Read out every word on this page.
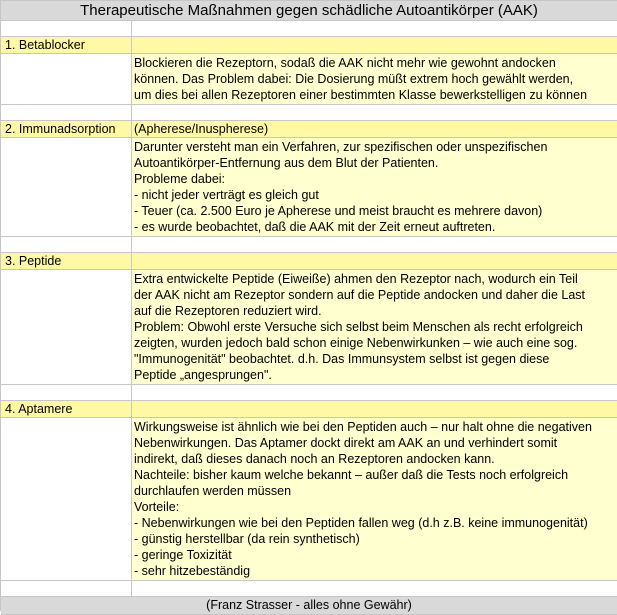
Therapeutische Maßnahmen gegen schädliche Autoantikörper (AAK)
1. Betablocker
Blockieren die Rezeptorn, sodaß die AAK nicht mehr wie gewohnt andocken
können. Das Problem dabei: Die Dosierung müßt extrem hoch gewählt werden,
um dies bei allen Rezeptoren einer bestimmten Klasse bewerkstelligen zu können
2. Immunadsorption	(Apherese/Inuspherese)
Darunter versteht man ein Verfahren, zur spezifischen oder unspezifischen
Autoantikörper-Entfernung aus dem Blut der Patienten.
Probleme dabei:
- nicht jeder verträgt es gleich gut
- Teuer (ca. 2.500 Euro je Apherese und meist braucht es mehrere davon)
- es wurde beobachtet, daß die AAK mit der Zeit erneut auftreten.
3. Peptide
Extra entwickelte Peptide (Eiweiße) ahmen den Rezeptor nach, wodurch ein Teil
der AAK nicht am Rezeptor sondern auf die Peptide andocken und daher die Last
auf die Rezeptoren reduziert wird.
Problem: Obwohl erste Versuche sich selbst beim Menschen als recht erfolgreich
zeigten, wurden jedoch bald schon einige Nebenwirkunken – wie auch eine sog.
"Immunogenität" beobachtet. d.h. Das Immunsystem selbst ist gegen diese
Peptide „angesprungen".
4. Aptamere
Wirkungsweise ist ähnlich wie bei den Peptiden auch – nur halt ohne die negativen
Nebenwirkungen. Das Aptamer dockt direkt am AAK an und verhindert somit
indirekt, daß dieses danach noch an Rezeptoren andocken kann.
Nachteile: bisher kaum welche bekannt – außer daß die Tests noch erfolgreich
durchlaufen werden müssen
Vorteile:
- Nebenwirkungen wie bei den Peptiden fallen weg (d.h z.B. keine immunogenität)
- günstig herstellbar (da rein synthetisch)
- geringe Toxizität
- sehr hitzebeständig
(Franz Strasser - alles ohne Gewähr)
